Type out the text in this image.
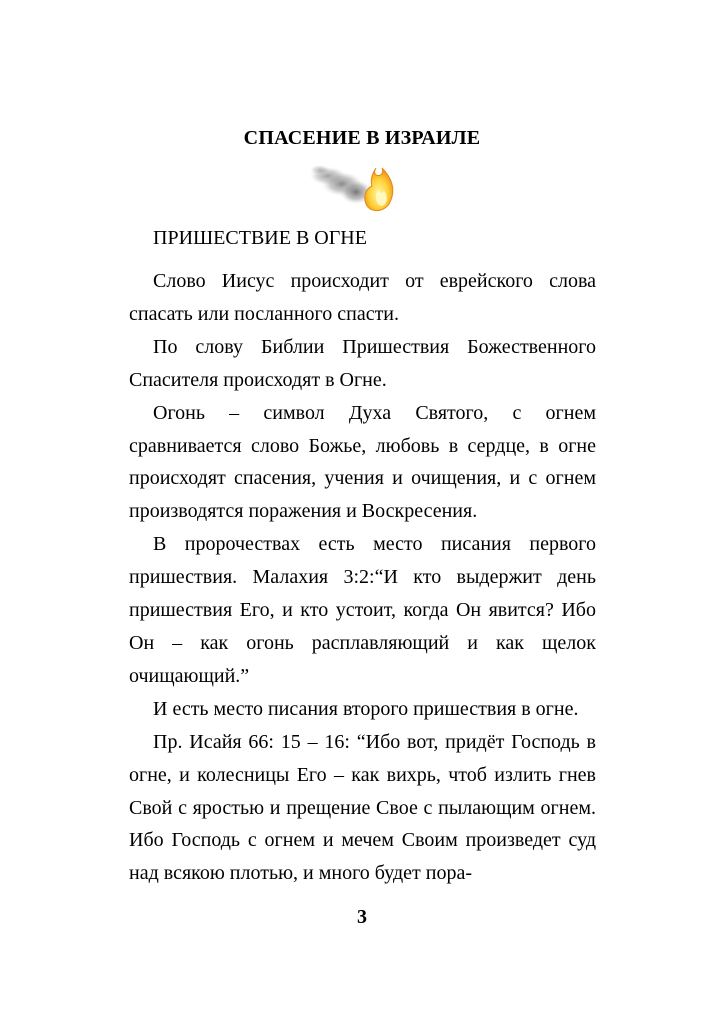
СПАСЕНИЕ В ИЗРАИЛЕ
ПРИШЕСТВИЕ В ОГНЕ

Слово Иисус происходит от еврейского слова спасать или посланного спасти.

По слову Библии Пришествия Божественного Спасителя происходят в Огне.

Огонь – символ Духа Святого, с огнем сравнивается слово Божье, любовь в сердце, в огне происходят спасения, учения и очищения, и с огнем производятся поражения и Воскресения.

В пророчествах есть место писания первого пришествия. Малахия 3:2:“И кто выдержит день пришествия Его, и кто устоит, когда Он явится? Ибо Он – как огонь расплавляющий и как щелок очищающий.”

И есть место писания второго пришествия в огне.

Пр. Исайя 66: 15 – 16: “Ибо вот, придёт Господь в огне, и колесницы Его – как вихрь, чтоб излить гнев Свой с яростью и прещение Свое с пылающим огнем. Ибо Господь с огнем и мечем Своим произведет суд над всякою плотью, и много будет пора-

3
